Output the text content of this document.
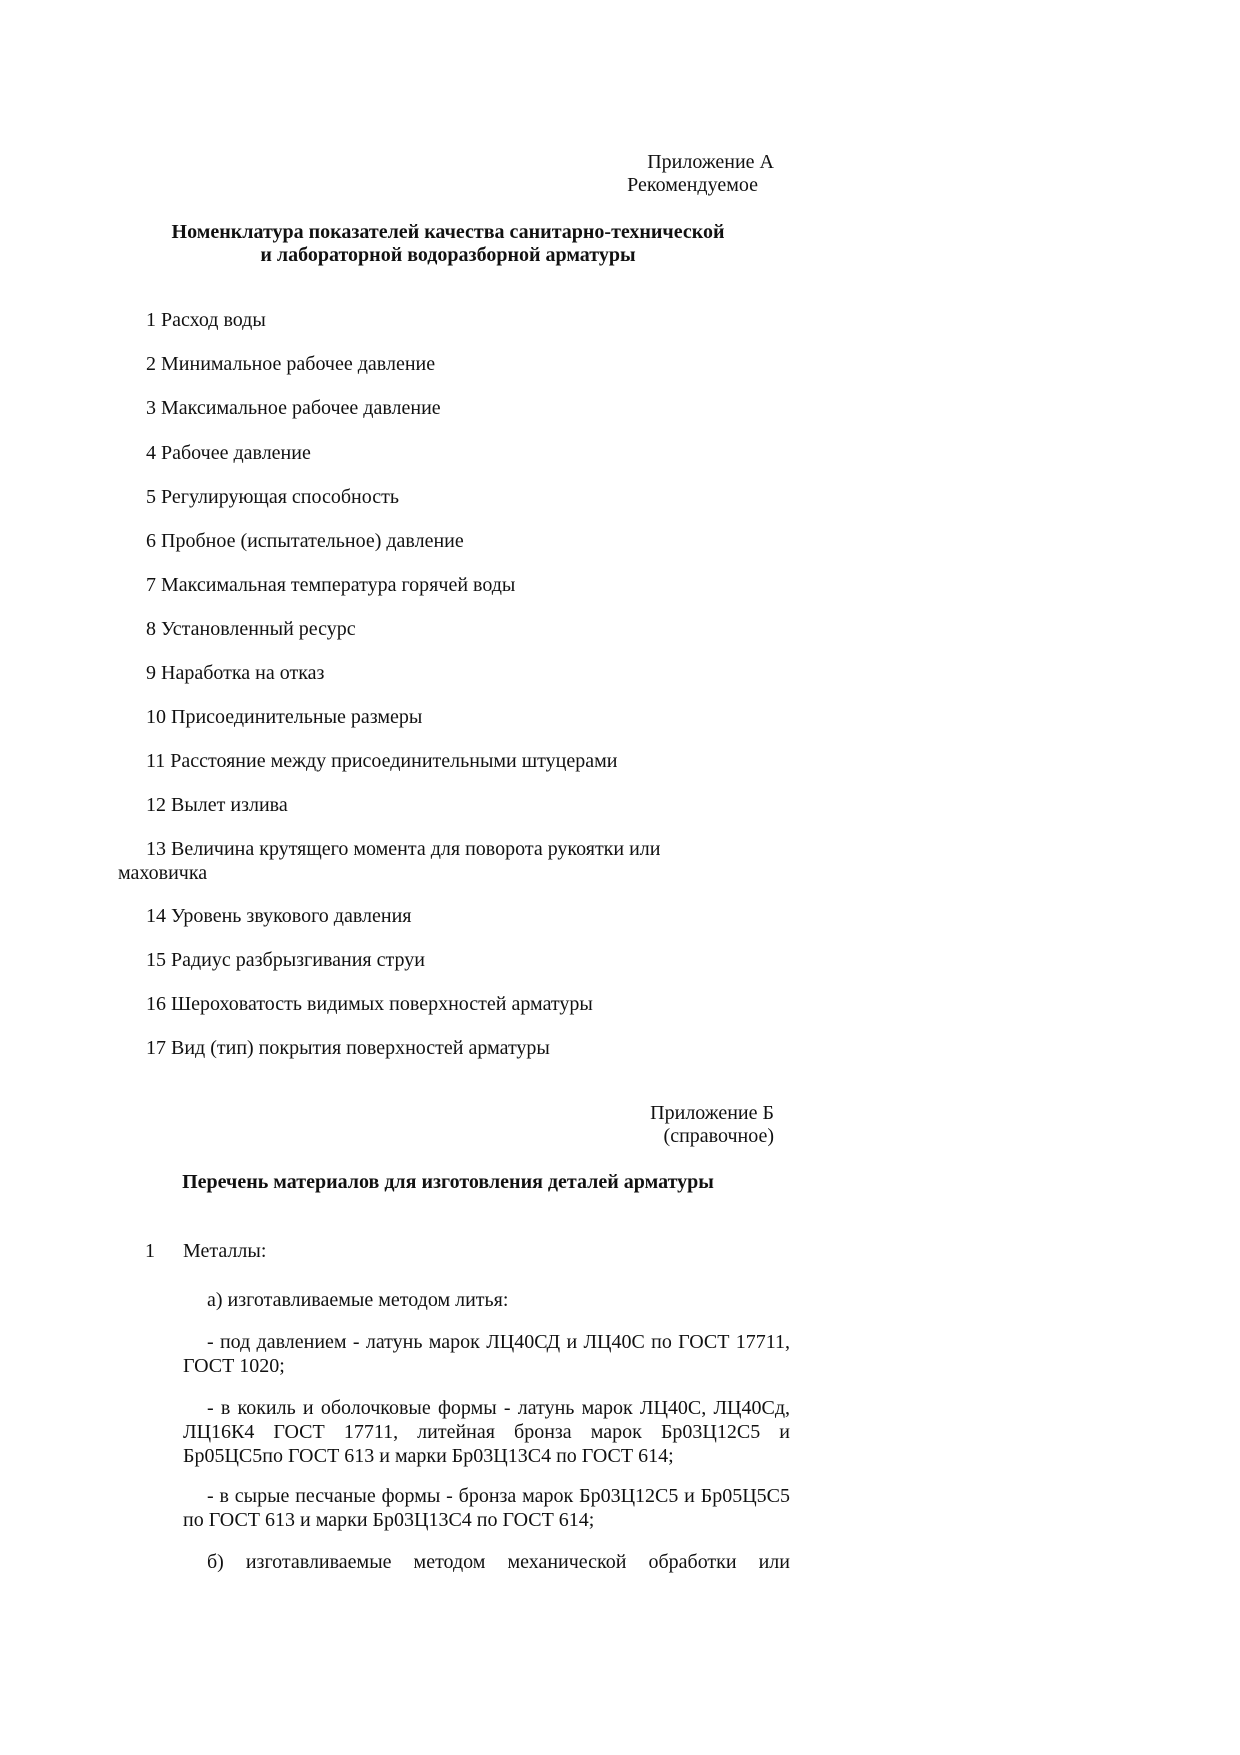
Приложение А
Рекомендуемое
Номенклатура показателей качества санитарно-технической
и лабораторной водоразборной арматуры
1 Расход воды
2 Минимальное рабочее давление
3 Максимальное рабочее давление
4 Рабочее давление
5 Регулирующая способность
6 Пробное (испытательное) давление
7 Максимальная температура горячей воды
8 Установленный ресурс
9 Наработка на отказ
10 Присоединительные размеры
11 Расстояние между присоединительными штуцерами
12 Вылет излива
13 Величина крутящего момента для поворота рукоятки или маховичка
14 Уровень звукового давления
15 Радиус разбрызгивания струи
16 Шероховатость видимых поверхностей арматуры
17 Вид (тип) покрытия поверхностей арматуры
Приложение Б
(справочное)
Перечень материалов для изготовления деталей арматуры
1 Металлы:
а) изготавливаемые методом литья:
- под давлением - латунь марок ЛЦ40СД и ЛЦ40С по ГОСТ 17711, ГОСТ 1020;
- в кокиль и оболочковые формы - латунь марок ЛЦ40С, ЛЦ40Сд, ЛЦ16К4 ГОСТ 17711, литейная бронза марок Бр03Ц12С5 и Бр05ЦС5по ГОСТ 613 и марки Бр03Ц13С4 по ГОСТ 614;
- в сырые песчаные формы - бронза марок Бр03Ц12С5 и Бр05Ц5С5 по ГОСТ 613 и марки Бр03Ц13С4 по ГОСТ 614;
б) изготавливаемые методом механической обработки или
